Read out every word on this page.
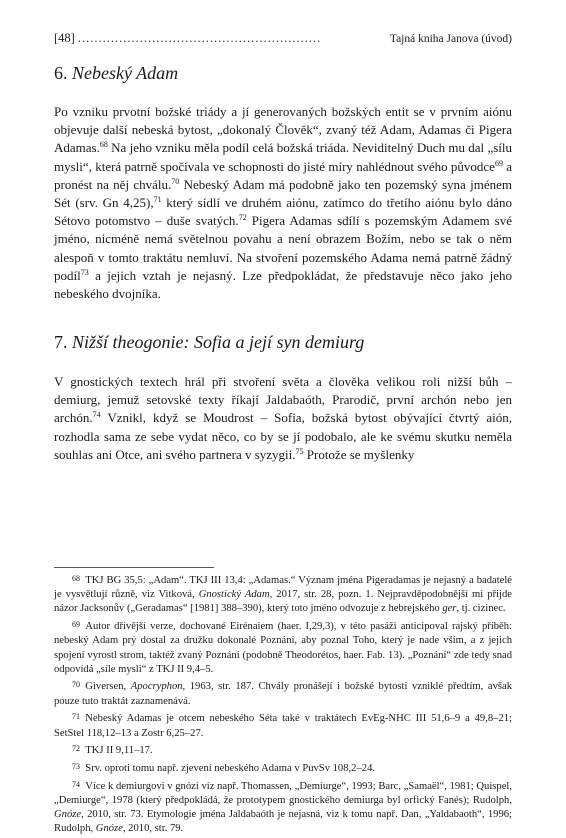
[48] ...........................................................	Tajná kniha Janova (úvod)
6. Nebeský Adam

Po vzniku prvotní božské triády a jí generovaných božských entit se v prvním aiónu objevuje další nebeská bytost, „dokonalý Člověk“, zvaný též Adam, Adamas či Pigera Adamas.$^{68}$ Na jeho vzniku měla podíl celá božská triáda. Neviditelný Duch mu dal „sílu mysli“, která patrně spočívala ve schopnosti do jisté míry nahlédnout svého původce$^{69}$ a pronést na něj chválu.$^{70}$ Nebeský Adam má podobně jako ten pozemský syna jménem Sét (srv. Gn 4,25),$^{71}$ který sídlí ve druhém aiónu, zatímco do třetího aiónu bylo dáno Sétovo potomstvo – duše svatých.$^{72}$ Pigera Adamas sdílí s pozemským Adamem své jméno, nicméně nemá světelnou povahu a není obrazem Božím, nebo se tak o něm alespoň v tomto traktátu nemluví. Na stvoření pozemského Adama nemá patrně žádný podíl$^{73}$ a jejich vztah je nejasný. Lze předpokládat, že představuje něco jako jeho nebeského dvojníka.

7. Nižší theogonie: Sofia a její syn demiurg

V gnostických textech hrál při stvoření světa a člověka velikou roli nižší bůh – demiurg, jemuž setovské texty říkají Jaldabaóth, Prarodič, první archón nebo jen archón.$^{74}$ Vznikl, když se Moudrost – Sofia, božská bytost obývající čtvrtý aión, rozhodla sama ze sebe vydat něco, co by se jí podobalo, ale ke svému skutku neměla souhlas ani Otce, ani svého partnera v syzygii.$^{75}$ Protože se myšlenky

68  TKJ BG 35,5: „Adam“. TKJ III 13,4: „Adamas.“ Význam jména Pigeradamas je nejasný a badatelé je vysvětlují různě, viz Vitková, Gnostický Adam, 2017, str. 28, pozn. 1. Nejpravděpodobnější mi přijde názor Jacksonův („Geradamas“ [1981] 388–390), který toto jméno odvozuje z hebrejského ger, tj. cizinec.

69  Autor dřívější verze, dochované Eirénaiem (haer. I,29,3), v této pasáži anticipoval rajský příběh: nebeský Adam prý dostal za družku dokonalé Poznání, aby poznal Toho, který je nade vším, a z jejich spojení vyrostl strom, taktéž zvaný Poznání (podobně Theodorétos, haer. Fab. 13). „Poznání“ zde tedy snad odpovídá „síle mysli“ z TKJ II 9,4–5.

70  Giversen, Apocryphon, 1963, str. 187. Chvály pronášejí i božské bytosti vzniklé předtím, avšak pouze tuto traktát zaznamenává.

71  Nebeský Adamas je otcem nebeského Séta také v traktátech EvEg-NHC III 51,6–9 a 49,8–21; SetStel 118,12–13 a Zostr 6,25–27.

72  TKJ II 9,11–17.

73  Srv. oproti tomu např. zjevení nebeského Adama v PuvSv 108,2–24.

74  Více k demiurgovi v gnózi viz např. Thomassen, „Demiurge“, 1993; Barc, „Samaël“, 1981; Quispel, „Demiurge“, 1978 (který předpokládá, že prototypem gnostického demiurga byl orfický Fanés); Rudolph, Gnóze, 2010, str. 73. Etymologie jména Jaldabaóth je nejasná, viz k tomu např. Dan, „Yaldabaoth“, 1996; Rudolph, Gnóze, 2010, str. 79.
